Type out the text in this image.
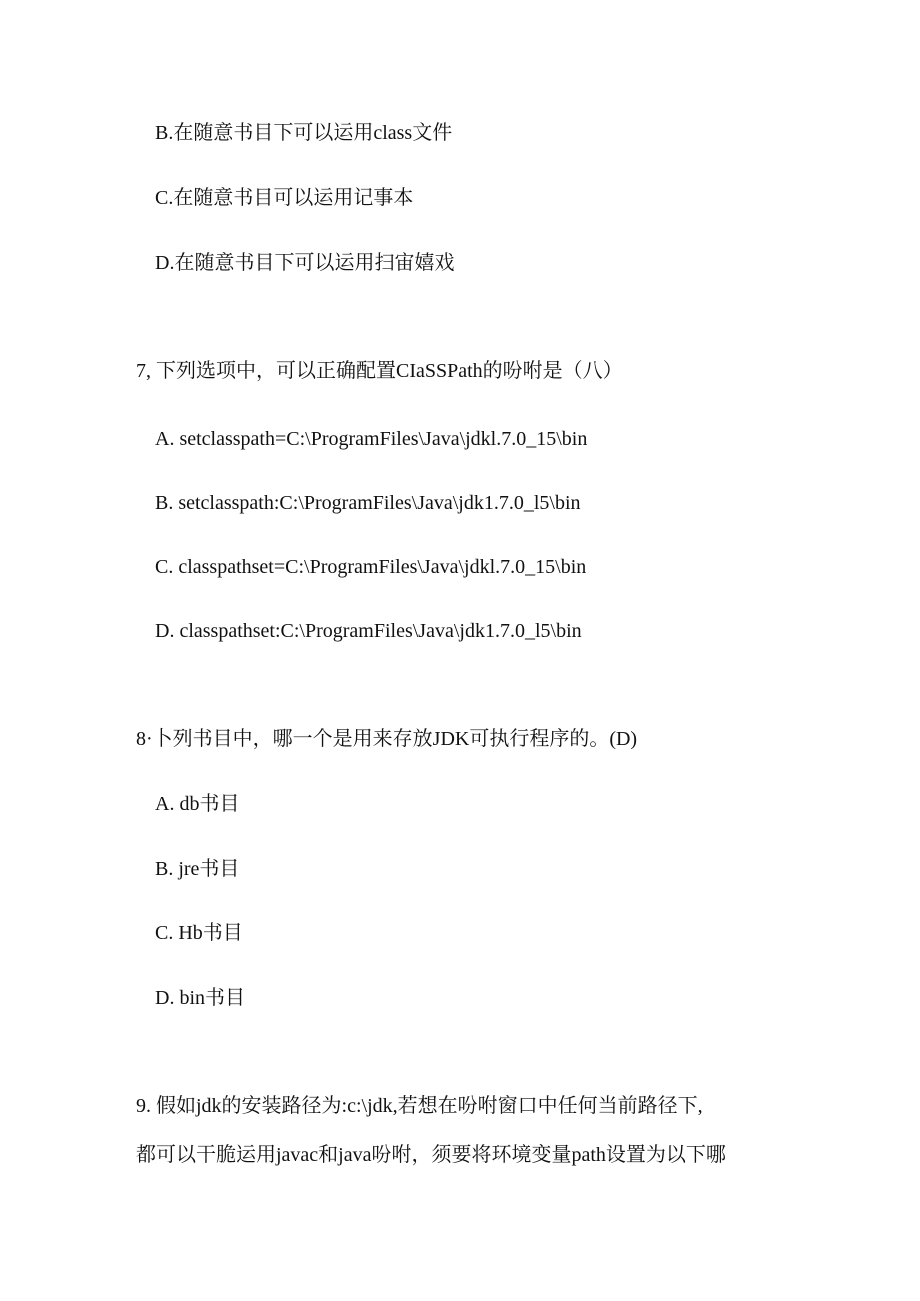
B.在随意书目下可以运用class文件
C.在随意书目可以运用记事本
D.在随意书目下可以运用扫宙嬉戏
7, 下列选项中，可以正确配置CIaSSPath的吩咐是（八）
A. setclasspath=C:\ProgramFiles\Java\jdkl.7.0_15\bin
B. setclasspath:C:\ProgramFiles\Java\jdk1.7.0_l5\bin
C. classpathset=C:\ProgramFiles\Java\jdkl.7.0_15\bin
D. classpathset:C:\ProgramFiles\Java\jdk1.7.0_l5\bin
8·卜列书目中，哪一个是用来存放JDK可执行程序的。(D)
A. db书目
B. jre书目
C. Hb书目
D. bin书目
9. 假如jdk的安装路径为:c:\jdk,若想在吩咐窗口中任何当前路径下,
都可以干脆运用javac和java吩咐，须要将环境变量path设置为以下哪
